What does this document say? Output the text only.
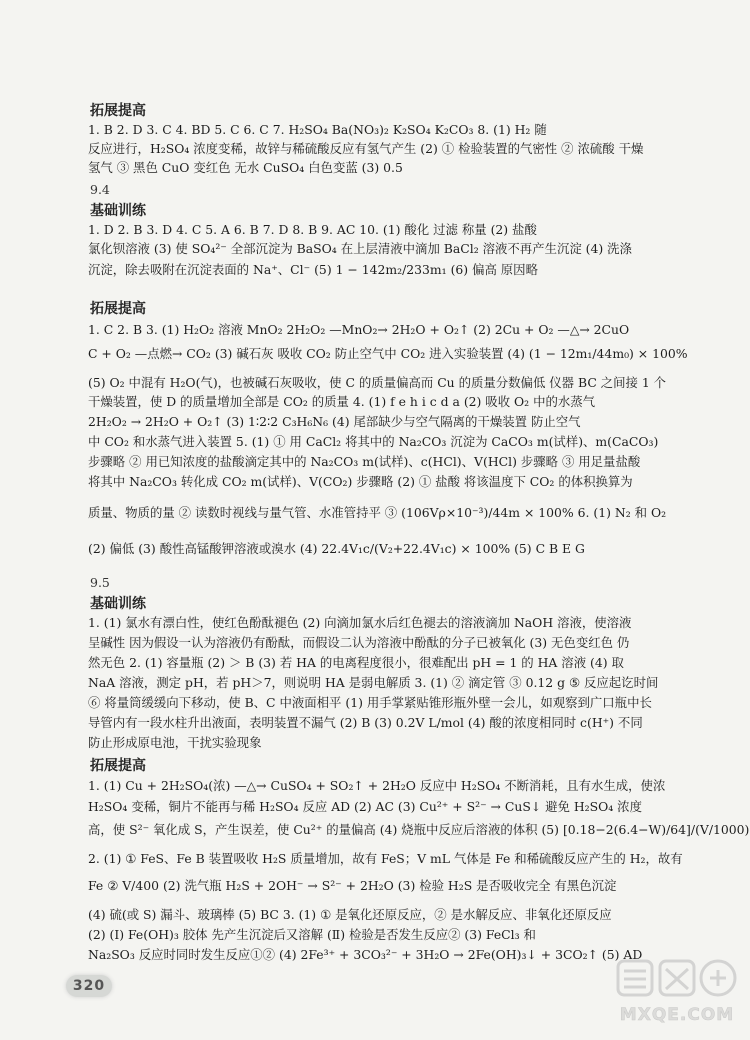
拓展提高
1. B 2. D 3. C 4. BD 5. C 6. C 7. H₂SO₄ Ba(NO₃)₂ K₂SO₄ K₂CO₃ 8. (1) H₂ 随
反应进行，H₂SO₄ 浓度变稀，故锌与稀硫酸反应有氢气产生 (2) ① 检验装置的气密性 ② 浓硫酸 干燥
氢气 ③ 黑色 CuO 变红色 无水 CuSO₄ 白色变蓝 (3) 0.5
9.4
基础训练
1. D 2. B 3. D 4. C 5. A 6. B 7. D 8. B 9. AC 10. (1) 酸化 过滤 称量 (2) 盐酸
氯化钡溶液 (3) 使 SO₄²⁻ 全部沉淀为 BaSO₄ 在上层清液中滴加 BaCl₂ 溶液不再产生沉淀 (4) 洗涤
沉淀，除去吸附在沉淀表面的 Na⁺、Cl⁻ (5) 1 − 142m₂/233m₁ (6) 偏高 原因略
拓展提高
1. C 2. B 3. (1) H₂O₂ 溶液 MnO₂ 2H₂O₂ —MnO₂→ 2H₂O + O₂↑ (2) 2Cu + O₂ —△→ 2CuO
C + O₂ —点燃→ CO₂ (3) 碱石灰 吸收 CO₂ 防止空气中 CO₂ 进入实验装置 (4) (1 − 12m₁/44m₀) × 100%
(5) O₂ 中混有 H₂O(气)，也被碱石灰吸收，使 C 的质量偏高而 Cu 的质量分数偏低 仪器 BC 之间接 1 个
干燥装置，使 D 的质量增加全部是 CO₂ 的质量 4. (1) f e h i c d a (2) 吸收 O₂ 中的水蒸气
2H₂O₂ → 2H₂O + O₂↑ (3) 1∶2∶2 C₃H₆N₆ (4) 尾部缺少与空气隔离的干燥装置 防止空气
中 CO₂ 和水蒸气进入装置 5. (1) ① 用 CaCl₂ 将其中的 Na₂CO₃ 沉淀为 CaCO₃ m(试样)、m(CaCO₃)
步骤略 ② 用已知浓度的盐酸滴定其中的 Na₂CO₃ m(试样)、c(HCl)、V(HCl) 步骤略 ③ 用足量盐酸
将其中 Na₂CO₃ 转化成 CO₂ m(试样)、V(CO₂) 步骤略 (2) ① 盐酸 将该温度下 CO₂ 的体积换算为
质量、物质的量 ② 读数时视线与量气管、水准管持平 ③ (106Vρ×10⁻³)/44m × 100% 6. (1) N₂ 和 O₂
(2) 偏低 (3) 酸性高锰酸钾溶液或溴水 (4) 22.4V₁c/(V₂+22.4V₁c) × 100% (5) C B E G
9.5
基础训练
1. (1) 氯水有漂白性，使红色酚酞褪色 (2) 向滴加氯水后红色褪去的溶液滴加 NaOH 溶液，使溶液
呈碱性 因为假设一认为溶液仍有酚酞，而假设二认为溶液中酚酞的分子已被氧化 (3) 无色变红色 仍
然无色 2. (1) 容量瓶 (2) ＞ B (3) 若 HA 的电离程度很小，很难配出 pH = 1 的 HA 溶液 (4) 取
NaA 溶液，测定 pH，若 pH＞7，则说明 HA 是弱电解质 3. (1) ② 滴定管 ③ 0.12 g ⑤ 反应起讫时间
⑥ 将量筒缓缓向下移动，使 B、C 中液面相平 (1) 用手掌紧贴锥形瓶外壁一会儿，如观察到广口瓶中长
导管内有一段水柱升出液面，表明装置不漏气 (2) B (3) 0.2V L/mol (4) 酸的浓度相同时 c(H⁺) 不同
防止形成原电池，干扰实验现象
拓展提高
1. (1) Cu + 2H₂SO₄(浓) —△→ CuSO₄ + SO₂↑ + 2H₂O 反应中 H₂SO₄ 不断消耗，且有水生成，使浓
H₂SO₄ 变稀，铜片不能再与稀 H₂SO₄ 反应 AD (2) AC (3) Cu²⁺ + S²⁻ → CuS↓ 避免 H₂SO₄ 浓度
高，使 S²⁻ 氧化成 S，产生误差，使 Cu²⁺ 的量偏高 (4) 烧瓶中反应后溶液的体积 (5) [0.18−2(6.4−W)/64]/(V/1000)
2. (1) ① FeS、Fe B 装置吸收 H₂S 质量增加，故有 FeS；V mL 气体是 Fe 和稀硫酸反应产生的 H₂，故有
Fe ② V/400 (2) 洗气瓶 H₂S + 2OH⁻ → S²⁻ + 2H₂O (3) 检验 H₂S 是否吸收完全 有黑色沉淀
(4) 硫(或 S) 漏斗、玻璃棒 (5) BC 3. (1) ① 是氧化还原反应，② 是水解反应、非氧化还原反应
(2) (Ⅰ) Fe(OH)₃ 胶体 先产生沉淀后又溶解 (Ⅱ) 检验是否发生反应② (3) FeCl₃ 和
Na₂SO₃ 反应时同时发生反应①② (4) 2Fe³⁺ + 3CO₃²⁻ + 3H₂O → 2Fe(OH)₃↓ + 3CO₂↑ (5) AD
320
MXQE.COM
